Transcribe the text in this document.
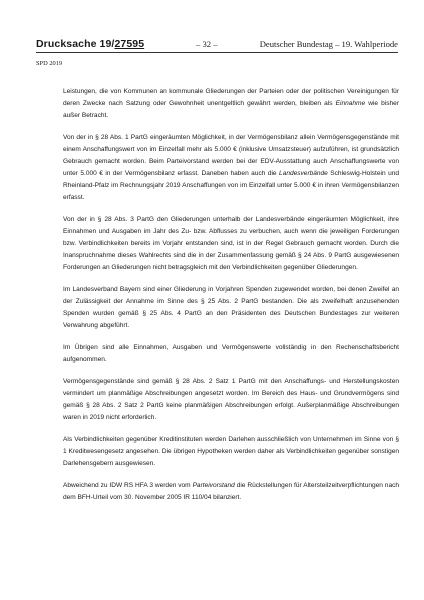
Drucksache 19/27595	– 32 –	Deutscher Bundestag – 19. Wahlperiode
SPD 2019

Leistungen, die von Kommunen an kommunale Gliederungen der Parteien oder der politischen Vereinigungen für deren Zwecke nach Satzung oder Gewohnheit unentgeltlich gewährt werden, bleiben als Einnahme wie bisher außer Betracht.

Von der in § 28 Abs. 1 PartG eingeräumten Möglichkeit, in der Vermögensbilanz allein Vermögensgegenstände mit einem Anschaffungswert von im Einzelfall mehr als 5.000 € (inklusive Umsatzsteuer) aufzuführen, ist grundsätzlich Gebrauch gemacht worden. Beim Parteivorstand werden bei der EDV-Ausstattung auch Anschaffungswerte von unter 5.000 € in der Vermögensbilanz erfasst. Daneben haben auch die Landesverbände Schleswig-Holstein und Rheinland-Pfalz im Rechnungsjahr 2019 Anschaffungen von im Einzelfall unter 5.000 € in ihren Vermögensbilanzen erfasst.

Von der in § 28 Abs. 3 PartG den Gliederungen unterhalb der Landesverbände eingeräumten Möglichkeit, ihre Einnahmen und Ausgaben im Jahr des Zu- bzw. Abflusses zu verbuchen, auch wenn die jeweiligen Forderungen bzw. Verbindlichkeiten bereits im Vorjahr entstanden sind, ist in der Regel Gebrauch gemacht worden. Durch die Inanspruchnahme dieses Wahlrechts sind die in der Zusammenfassung gemäß § 24 Abs. 9 PartG ausgewiesenen Forderungen an Gliederungen nicht betragsgleich mit den Verbindlichkeiten gegenüber Gliederungen.

Im Landesverband Bayern sind einer Gliederung in Vorjahren Spenden zugewendet worden, bei denen Zweifel an der Zulässigkeit der Annahme im Sinne des § 25 Abs. 2 PartG bestanden. Die als zweifelhaft anzusehenden Spenden wurden gemäß § 25 Abs. 4 PartG an den Präsidenten des Deutschen Bundestages zur weiteren Verwahrung abgeführt.

Im Übrigen sind alle Einnahmen, Ausgaben und Vermögenswerte vollständig in den Rechenschaftsbericht aufgenommen.

Vermögensgegenstände sind gemäß § 28 Abs. 2 Satz 1 PartG mit den Anschaffungs- und Herstellungskosten vermindert um planmäßige Abschreibungen angesetzt worden. Im Bereich des Haus- und Grundvermögens sind gemäß § 28 Abs. 2 Satz 2 PartG keine planmäßigen Abschreibungen erfolgt. Außerplanmäßige Abschreibungen waren in 2019 nicht erforderlich.

Als Verbindlichkeiten gegenüber Kreditinstituten werden Darlehen ausschließlich von Unternehmen im Sinne von § 1 Kreditwesengesetz angesehen. Die übrigen Hypotheken werden daher als Verbindlichkeiten gegenüber sonstigen Darlehensgebern ausgewiesen.

Abweichend zu IDW RS HFA 3 werden vom Parteivorstand die Rückstellungen für Altersteilzeitverpflichtungen nach dem BFH-Urteil vom 30. November 2005 IR 110/04 bilanziert.
